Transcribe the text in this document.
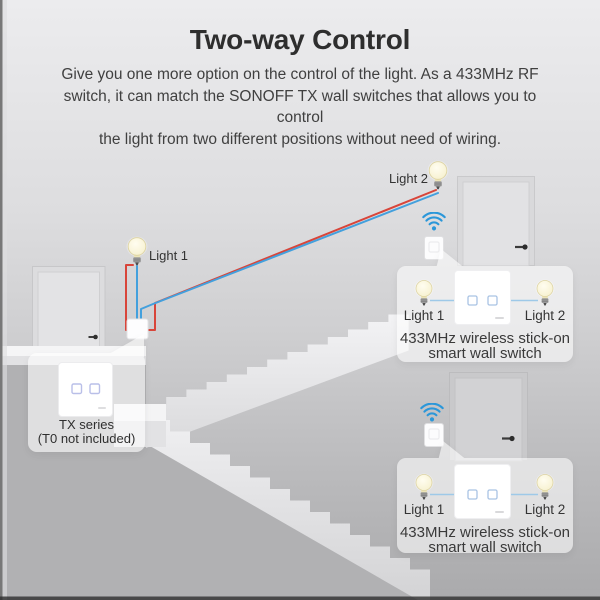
Two-way Control

Give you one more option on the control of the light. As a 433MHz RF
switch, it can match the SONOFF TX wall switches that allows you to control
the light from two different positions without need of wiring.

Light 1
Light 2
TX series
(T0 not included)
Light 1	Light 2
433MHz wireless stick-on
smart wall switch
Light 1	Light 2
433MHz wireless stick-on
smart wall switch
